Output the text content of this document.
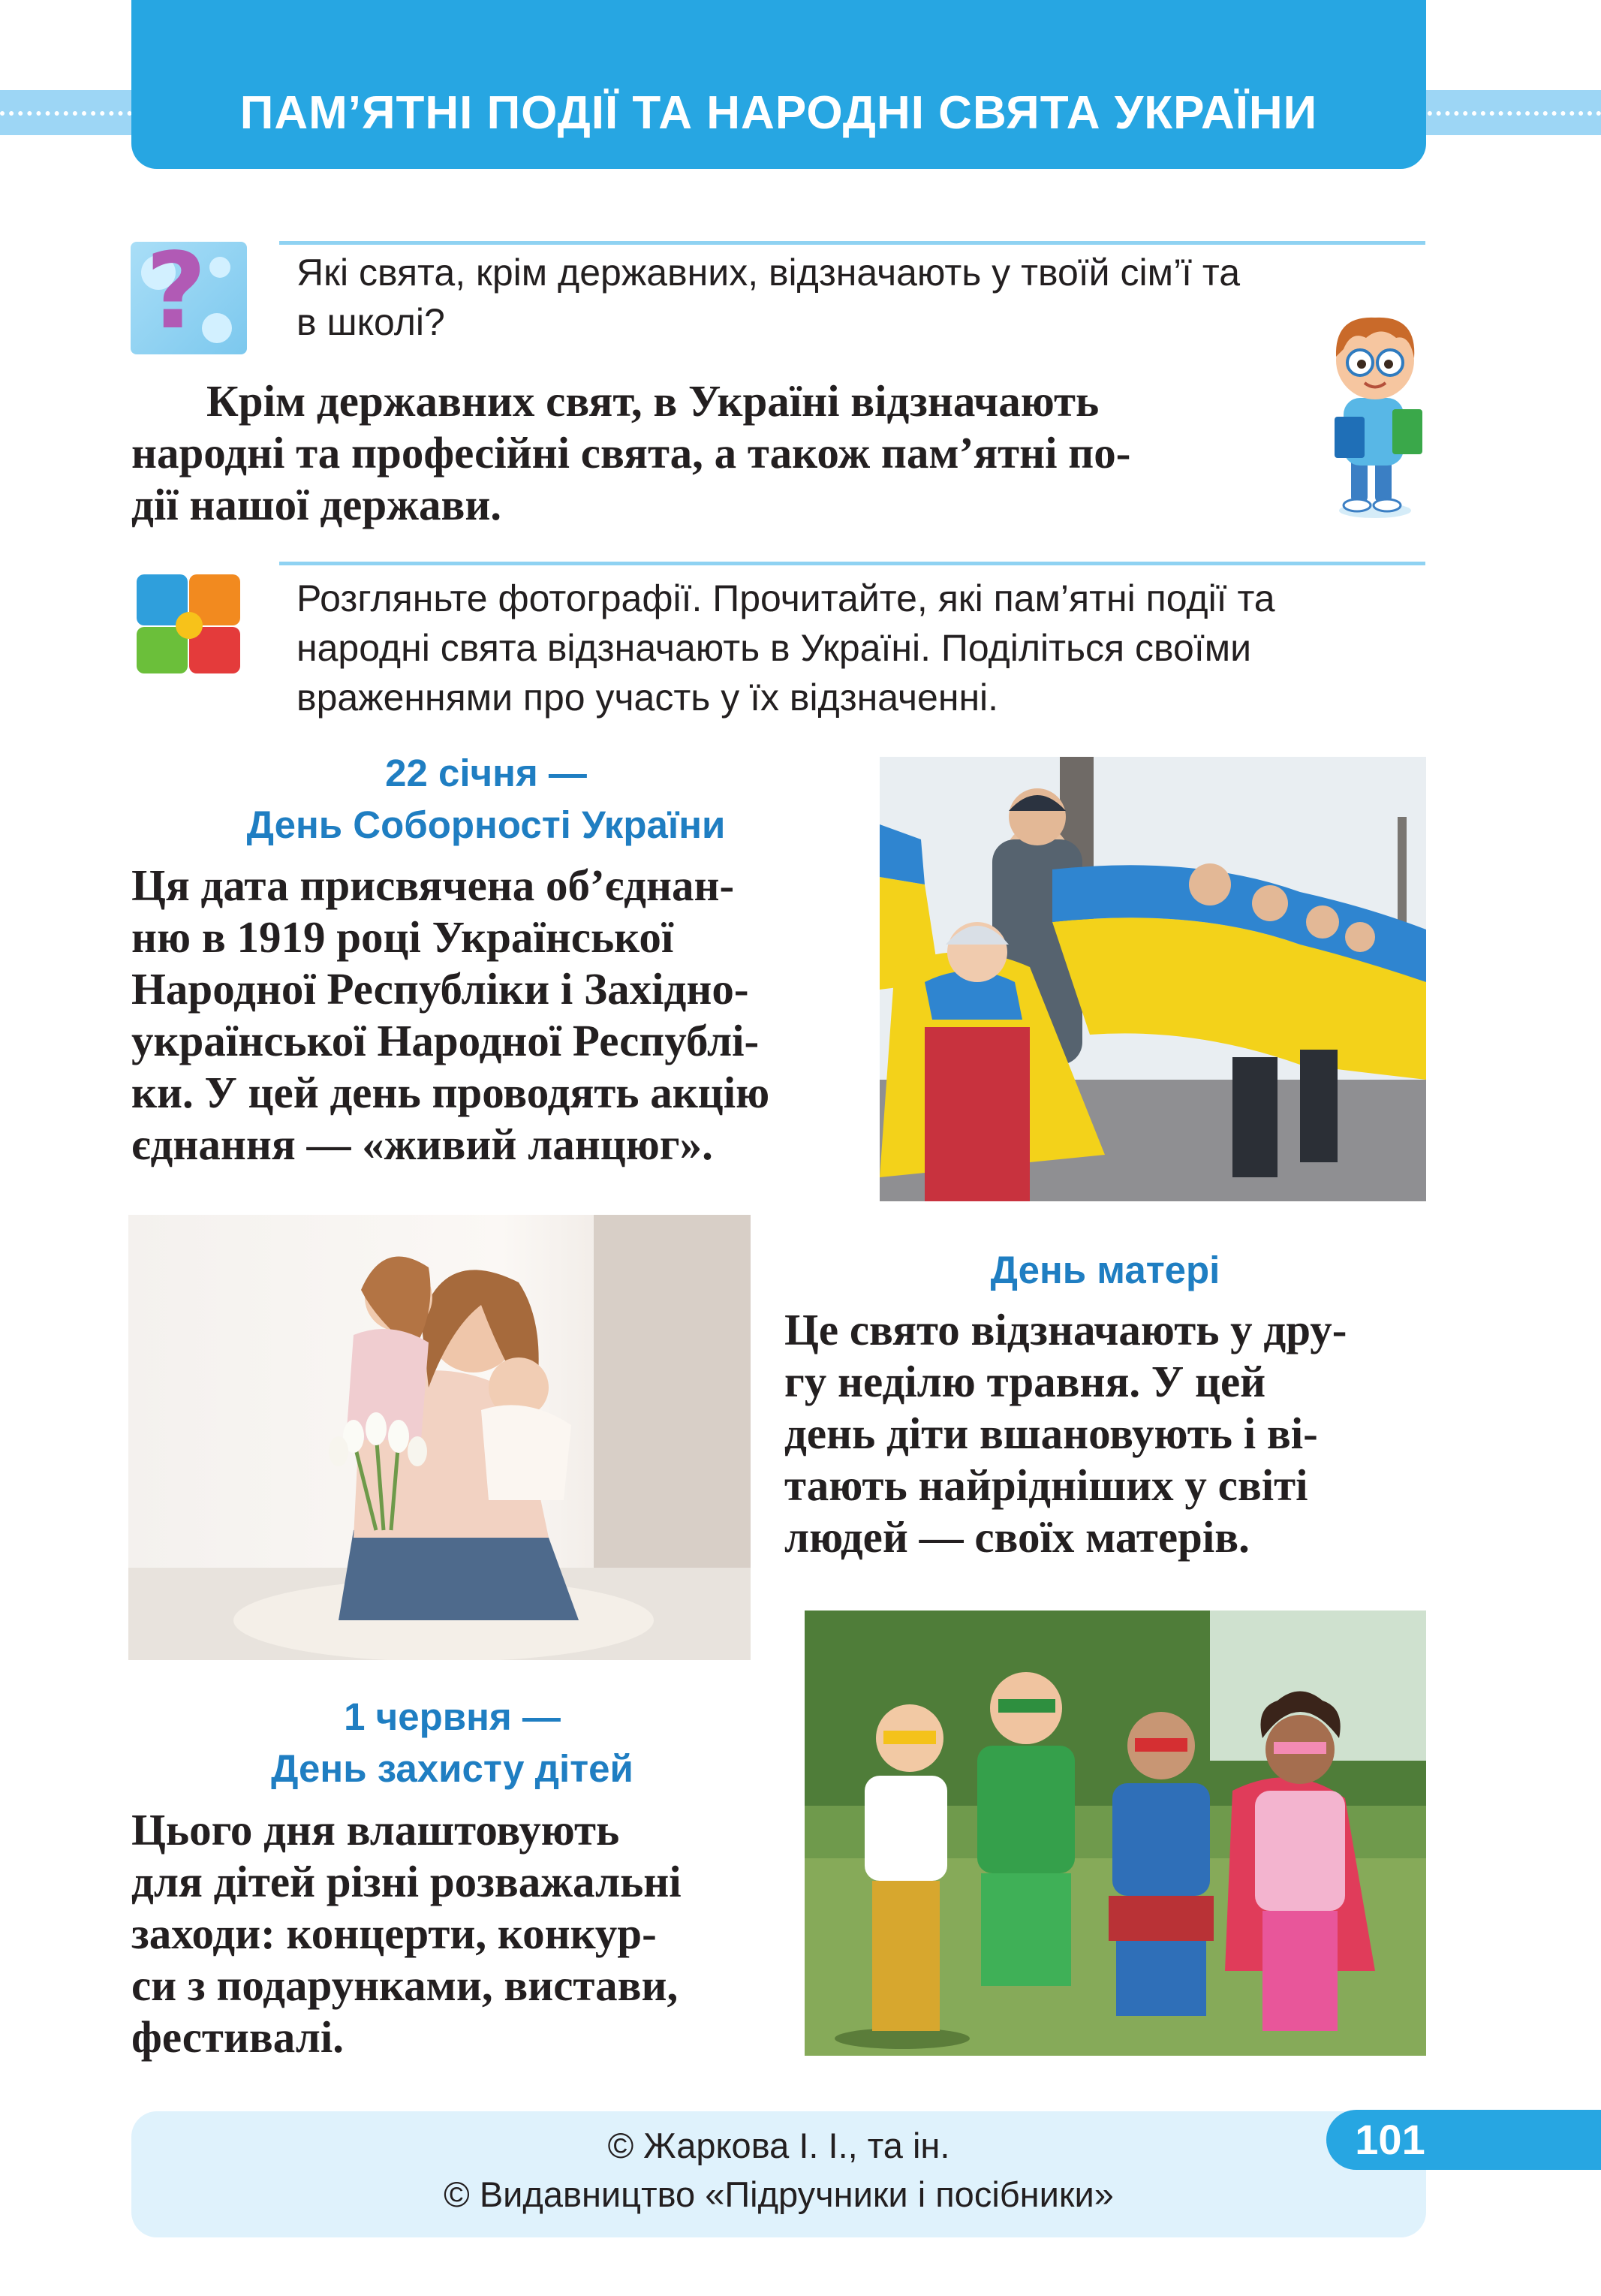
ПАМ’ЯТНІ ПОДІЇ ТА НАРОДНІ СВЯТА УКРАЇНИ
? Які свята, крім державних, відзначають у твоїй сім’ї та
в школі?
Крім державних свят, в Україні відзначають
народні та професійні свята, а також пам’ятні по-
дії нашої держави.
Розгляньте фотографії. Прочитайте, які пам’ятні події та
народні свята відзначають в Україні. Поділіться своїми
враженнями про участь у їх відзначенні.
22 січня —
День Соборності України
Ця дата присвячена об’єднан-
ню в 1919 році Української
Народної Республіки і Західно-
української Народної Республі-
ки. У цей день проводять акцію
єднання — «живий ланцюг».
День матері
Це свято відзначають у дру-
гу неділю травня. У цей
день діти вшановують і ві-
тають найрідніших у світі
людей — своїх матерів.
1 червня —
День захисту дітей
Цього дня влаштовують
для дітей різні розважальні
заходи: концерти, конкур-
си з подарунками, вистави,
фестивалі.
101
© Жаркова І. І., та ін.
© Видавництво «Підручники і посібники»
